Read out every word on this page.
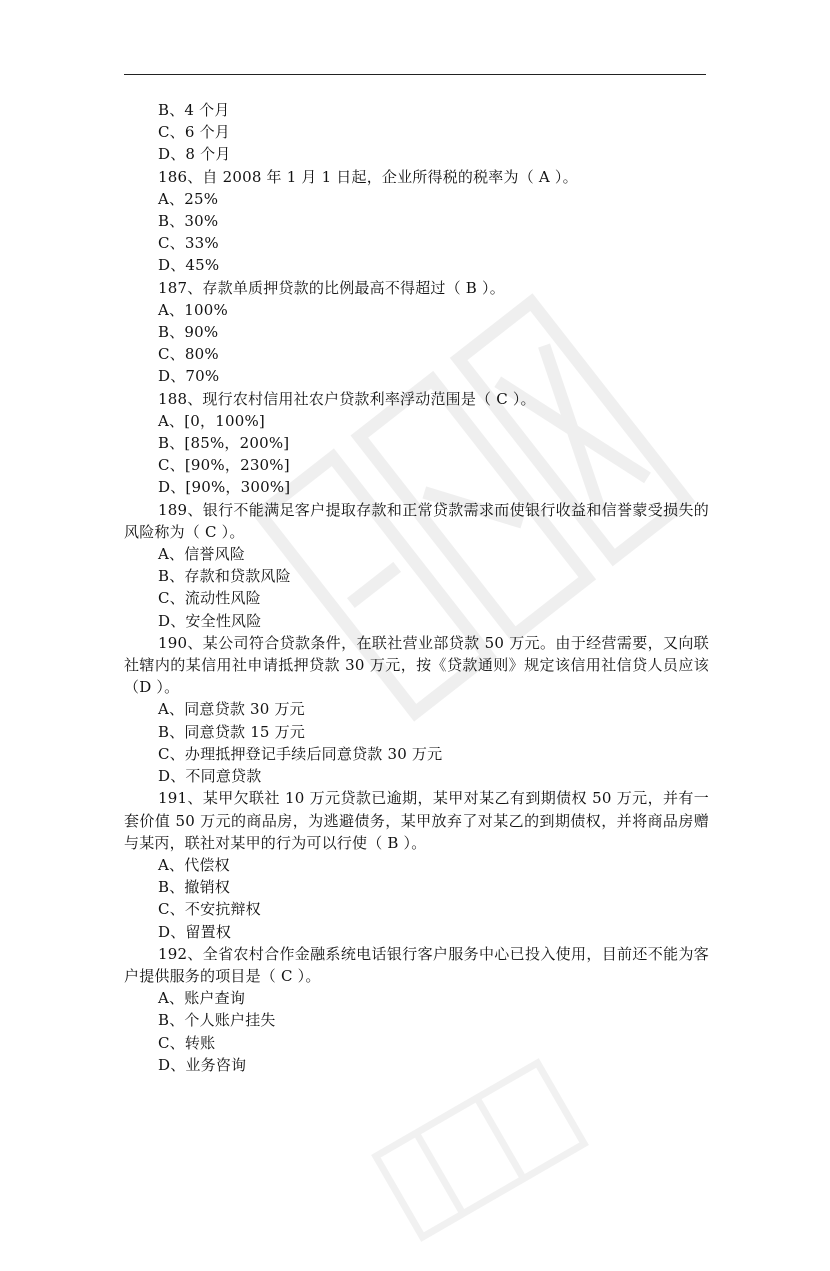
B、4 个月

C、6 个月

D、8 个月

186、自 2008 年 1 月 1 日起，企业所得税的税率为（ A ）。

A、25%

B、30%

C、33%

D、45%

187、存款单质押贷款的比例最高不得超过（ B ）。

A、100%

B、90%

C、80%

D、70%

188、现行农村信用社农户贷款利率浮动范围是（ C ）。

A、[0，100%]

B、[85%，200%]

C、[90%，230%]

D、[90%，300%]

189、银行不能满足客户提取存款和正常贷款需求而使银行收益和信誉蒙受损失的风险称为（ C ）。

A、信誉风险

B、存款和贷款风险

C、流动性风险

D、安全性风险

190、某公司符合贷款条件，在联社营业部贷款 50 万元。由于经营需要，又向联社辖内的某信用社申请抵押贷款 30 万元，按《贷款通则》规定该信用社信贷人员应该（D ）。

A、同意贷款 30 万元

B、同意贷款 15 万元

C、办理抵押登记手续后同意贷款 30 万元

D、不同意贷款

191、某甲欠联社 10 万元贷款已逾期，某甲对某乙有到期债权 50 万元，并有一套价值 50 万元的商品房，为逃避债务，某甲放弃了对某乙的到期债权，并将商品房赠与某丙，联社对某甲的行为可以行使（ B ）。

A、代偿权

B、撤销权

C、不安抗辩权

D、留置权

192、全省农村合作金融系统电话银行客户服务中心已投入使用，目前还不能为客户提供服务的项目是（ C ）。

A、账户查询

B、个人账户挂失

C、转账

D、业务咨询
